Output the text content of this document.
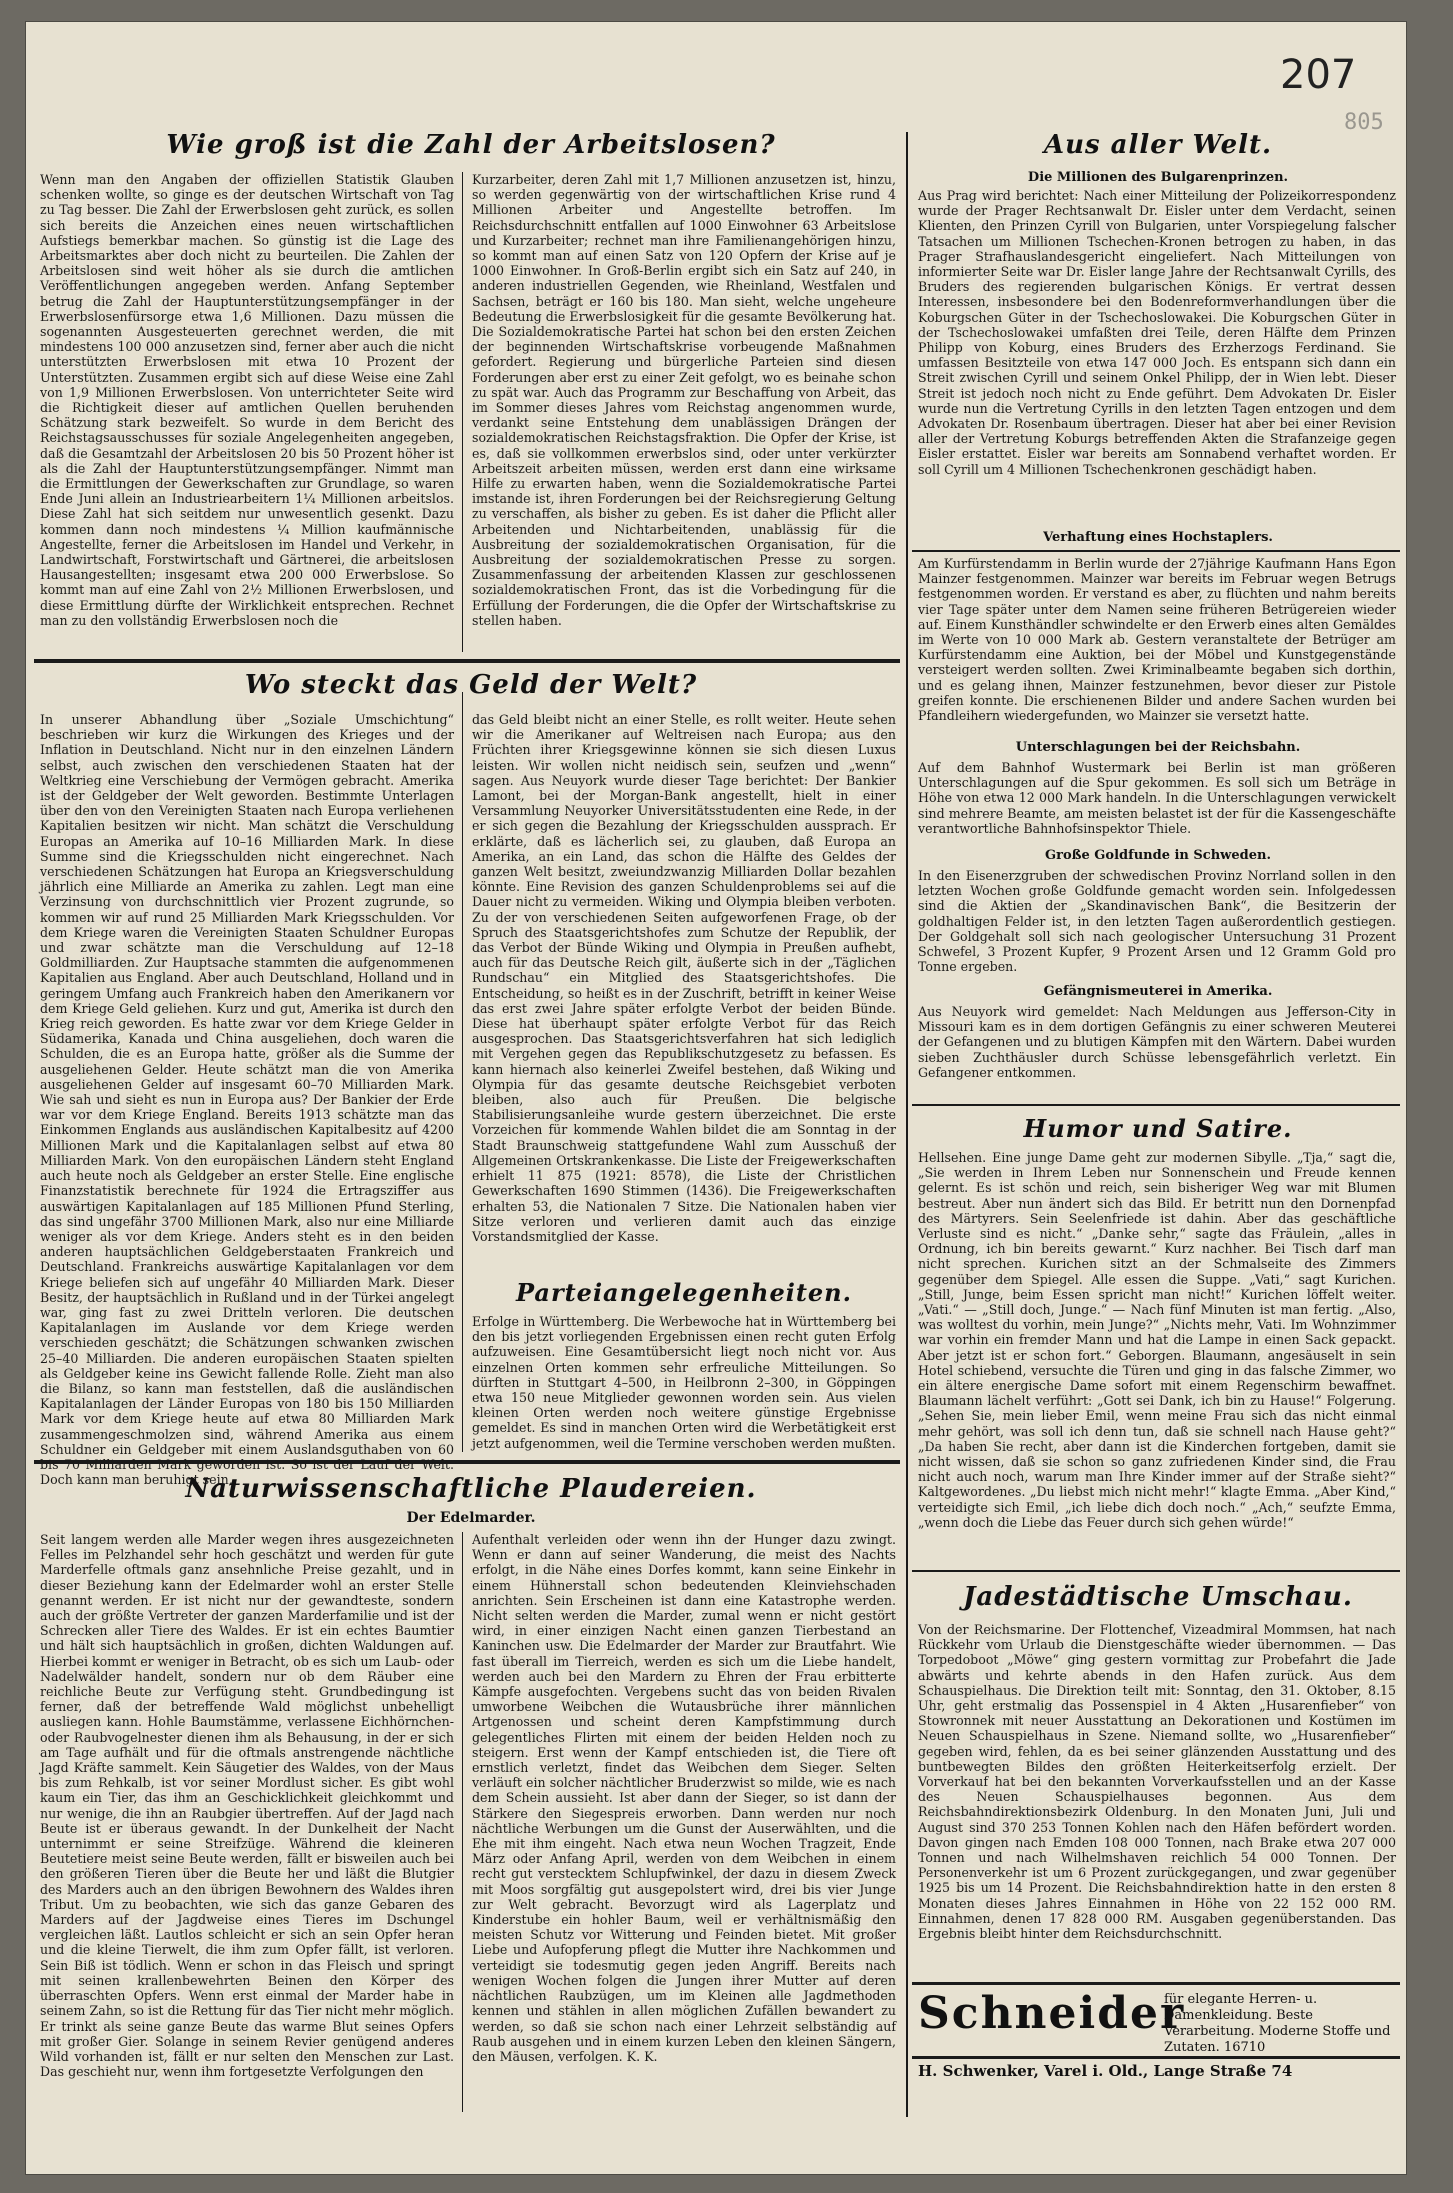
207
805
Wie groß ist die Zahl der Arbeitslosen?
Wenn man den Angaben der offiziellen Statistik Glauben schenken wollte, so ginge es der deutschen Wirtschaft von Tag zu Tag besser. Die Zahl der Erwerbslosen geht zurück, es sollen sich bereits die Anzeichen eines neuen wirtschaftlichen Aufstiegs bemerkbar machen. So günstig ist die Lage des Arbeitsmarktes aber doch nicht zu beurteilen. Die Zahlen der Arbeitslosen sind weit höher als sie durch die amtlichen Veröffentlichungen angegeben werden. Anfang September betrug die Zahl der Hauptunterstützungsempfänger in der Erwerbslosenfürsorge etwa 1,6 Millionen. Dazu müssen die sogenannten Ausgesteuerten gerechnet werden, die mit mindestens 100 000 anzusetzen sind, ferner aber auch die nicht unterstützten Erwerbslosen mit etwa 10 Prozent der Unterstützten. Zusammen ergibt sich auf diese Weise eine Zahl von 1,9 Millionen Erwerbslosen. Von unterrichteter Seite wird die Richtigkeit dieser auf amtlichen Quellen beruhenden Schätzung stark bezweifelt. So wurde in dem Bericht des Reichstagsausschusses für soziale Angelegenheiten angegeben, daß die Gesamtzahl der Arbeitslosen 20 bis 50 Prozent höher ist als die Zahl der Hauptunterstützungsempfänger. Nimmt man die Ermittlungen der Gewerkschaften zur Grundlage, so waren Ende Juni allein an Industriearbeitern 1¼ Millionen arbeitslos. Diese Zahl hat sich seitdem nur unwesentlich gesenkt. Dazu kommen dann noch mindestens ¼ Million kaufmännische Angestellte, ferner die Arbeitslosen im Handel und Verkehr, in Landwirtschaft, Forstwirtschaft und Gärtnerei, die arbeitslosen Hausangestellten; insgesamt etwa 200 000 Erwerbslose. So kommt man auf eine Zahl von 2½ Millionen Erwerbslosen, und diese Ermittlung dürfte der Wirklichkeit entsprechen. Rechnet man zu den vollständig Erwerbslosen noch die
Kurzarbeiter, deren Zahl mit 1,7 Millionen anzusetzen ist, hinzu, so werden gegenwärtig von der wirtschaftlichen Krise rund 4 Millionen Arbeiter und Angestellte betroffen. Im Reichsdurchschnitt entfallen auf 1000 Einwohner 63 Arbeitslose und Kurzarbeiter; rechnet man ihre Familienangehörigen hinzu, so kommt man auf einen Satz von 120 Opfern der Krise auf je 1000 Einwohner. In Groß-Berlin ergibt sich ein Satz auf 240, in anderen industriellen Gegenden, wie Rheinland, Westfalen und Sachsen, beträgt er 160 bis 180. Man sieht, welche ungeheure Bedeutung die Erwerbslosigkeit für die gesamte Bevölkerung hat. Die Sozialdemokratische Partei hat schon bei den ersten Zeichen der beginnenden Wirtschaftskrise vorbeugende Maßnahmen gefordert. Regierung und bürgerliche Parteien sind diesen Forderungen aber erst zu einer Zeit gefolgt, wo es beinahe schon zu spät war. Auch das Programm zur Beschaffung von Arbeit, das im Sommer dieses Jahres vom Reichstag angenommen wurde, verdankt seine Entstehung dem unablässigen Drängen der sozialdemokratischen Reichstagsfraktion. Die Opfer der Krise, ist es, daß sie vollkommen erwerbslos sind, oder unter verkürzter Arbeitszeit arbeiten müssen, werden erst dann eine wirksame Hilfe zu erwarten haben, wenn die Sozialdemokratische Partei imstande ist, ihren Forderungen bei der Reichsregierung Geltung zu verschaffen, als bisher zu geben. Es ist daher die Pflicht aller Arbeitenden und Nichtarbeitenden, unablässig für die Ausbreitung der sozialdemokratischen Organisation, für die Ausbreitung der sozialdemokratischen Presse zu sorgen. Zusammenfassung der arbeitenden Klassen zur geschlossenen sozialdemokratischen Front, das ist die Vorbedingung für die Erfüllung der Forderungen, die die Opfer der Wirtschaftskrise zu stellen haben.
Wo steckt das Geld der Welt?
In unserer Abhandlung über „Soziale Umschichtung“ beschrieben wir kurz die Wirkungen des Krieges und der Inflation in Deutschland. Nicht nur in den einzelnen Ländern selbst, auch zwischen den verschiedenen Staaten hat der Weltkrieg eine Verschiebung der Vermögen gebracht. Amerika ist der Geldgeber der Welt geworden. Bestimmte Unterlagen über den von den Vereinigten Staaten nach Europa verliehenen Kapitalien besitzen wir nicht. Man schätzt die Verschuldung Europas an Amerika auf 10–16 Milliarden Mark. In diese Summe sind die Kriegsschulden nicht eingerechnet. Nach verschiedenen Schätzungen hat Europa an Kriegsverschuldung jährlich eine Milliarde an Amerika zu zahlen. Legt man eine Verzinsung von durchschnittlich vier Prozent zugrunde, so kommen wir auf rund 25 Milliarden Mark Kriegsschulden. Vor dem Kriege waren die Vereinigten Staaten Schuldner Europas und zwar schätzte man die Verschuldung auf 12–18 Goldmilliarden. Zur Hauptsache stammten die aufgenommenen Kapitalien aus England. Aber auch Deutschland, Holland und in geringem Umfang auch Frankreich haben den Amerikanern vor dem Kriege Geld geliehen. Kurz und gut, Amerika ist durch den Krieg reich geworden. Es hatte zwar vor dem Kriege Gelder in Südamerika, Kanada und China ausgeliehen, doch waren die Schulden, die es an Europa hatte, größer als die Summe der ausgeliehenen Gelder. Heute schätzt man die von Amerika ausgeliehenen Gelder auf insgesamt 60–70 Milliarden Mark. Wie sah und sieht es nun in Europa aus? Der Bankier der Erde war vor dem Kriege England. Bereits 1913 schätzte man das Einkommen Englands aus ausländischen Kapitalbesitz auf 4200 Millionen Mark und die Kapitalanlagen selbst auf etwa 80 Milliarden Mark. Von den europäischen Ländern steht England auch heute noch als Geldgeber an erster Stelle. Eine englische Finanzstatistik berechnete für 1924 die Ertragsziffer aus auswärtigen Kapitalanlagen auf 185 Millionen Pfund Sterling, das sind ungefähr 3700 Millionen Mark, also nur eine Milliarde weniger als vor dem Kriege. Anders steht es in den beiden anderen hauptsächlichen Geldgeberstaaten Frankreich und Deutschland. Frankreichs auswärtige Kapitalanlagen vor dem Kriege beliefen sich auf ungefähr 40 Milliarden Mark. Dieser Besitz, der hauptsächlich in Rußland und in der Türkei angelegt war, ging fast zu zwei Dritteln verloren. Die deutschen Kapitalanlagen im Auslande vor dem Kriege werden verschieden geschätzt; die Schätzungen schwanken zwischen 25–40 Milliarden. Die anderen europäischen Staaten spielten als Geldgeber keine ins Gewicht fallende Rolle. Zieht man also die Bilanz, so kann man feststellen, daß die ausländischen Kapitalanlagen der Länder Europas von 180 bis 150 Milliarden Mark vor dem Kriege heute auf etwa 80 Milliarden Mark zusammengeschmolzen sind, während Amerika aus einem Schuldner ein Geldgeber mit einem Auslandsguthaben von 60 bis 70 Milliarden Mark geworden ist. So ist der Lauf der Welt. Doch kann man beruhigt sein,
das Geld bleibt nicht an einer Stelle, es rollt weiter. Heute sehen wir die Amerikaner auf Weltreisen nach Europa; aus den Früchten ihrer Kriegsgewinne können sie sich diesen Luxus leisten. Wir wollen nicht neidisch sein, seufzen und „wenn“ sagen. Aus Neuyork wurde dieser Tage berichtet: Der Bankier Lamont, bei der Morgan-Bank angestellt, hielt in einer Versammlung Neuyorker Universitätsstudenten eine Rede, in der er sich gegen die Bezahlung der Kriegsschulden aussprach. Er erklärte, daß es lächerlich sei, zu glauben, daß Europa an Amerika, an ein Land, das schon die Hälfte des Geldes der ganzen Welt besitzt, zweiundzwanzig Milliarden Dollar bezahlen könnte. Eine Revision des ganzen Schuldenproblems sei auf die Dauer nicht zu vermeiden. Wiking und Olympia bleiben verboten. Zu der von verschiedenen Seiten aufgeworfenen Frage, ob der Spruch des Staatsgerichtshofes zum Schutze der Republik, der das Verbot der Bünde Wiking und Olympia in Preußen aufhebt, auch für das Deutsche Reich gilt, äußerte sich in der „Täglichen Rundschau“ ein Mitglied des Staatsgerichtshofes. Die Entscheidung, so heißt es in der Zuschrift, betrifft in keiner Weise das erst zwei Jahre später erfolgte Verbot der beiden Bünde. Diese hat überhaupt später erfolgte Verbot für das Reich ausgesprochen. Das Staatsgerichtsverfahren hat sich lediglich mit Vergehen gegen das Republikschutzgesetz zu befassen. Es kann hiernach also keinerlei Zweifel bestehen, daß Wiking und Olympia für das gesamte deutsche Reichsgebiet verboten bleiben, also auch für Preußen. Die belgische Stabilisierungsanleihe wurde gestern überzeichnet. Die erste Vorzeichen für kommende Wahlen bildet die am Sonntag in der Stadt Braunschweig stattgefundene Wahl zum Ausschuß der Allgemeinen Ortskrankenkasse. Die Liste der Freigewerkschaften erhielt 11 875 (1921: 8578), die Liste der Christlichen Gewerkschaften 1690 Stimmen (1436). Die Freigewerkschaften erhalten 53, die Nationalen 7 Sitze. Die Nationalen haben vier Sitze verloren und verlieren damit auch das einzige Vorstandsmitglied der Kasse.
Parteiangelegenheiten.
Erfolge in Württemberg. Die Werbewoche hat in Württemberg bei den bis jetzt vorliegenden Ergebnissen einen recht guten Erfolg aufzuweisen. Eine Gesamtübersicht liegt noch nicht vor. Aus einzelnen Orten kommen sehr erfreuliche Mitteilungen. So dürften in Stuttgart 4–500, in Heilbronn 2–300, in Göppingen etwa 150 neue Mitglieder gewonnen worden sein. Aus vielen kleinen Orten werden noch weitere günstige Ergebnisse gemeldet. Es sind in manchen Orten wird die Werbetätigkeit erst jetzt aufgenommen, weil die Termine verschoben werden mußten.
Naturwissenschaftliche Plaudereien.
Der Edelmarder.
Seit langem werden alle Marder wegen ihres ausgezeichneten Felles im Pelzhandel sehr hoch geschätzt und werden für gute Marderfelle oftmals ganz ansehnliche Preise gezahlt, und in dieser Beziehung kann der Edelmarder wohl an erster Stelle genannt werden. Er ist nicht nur der gewandteste, sondern auch der größte Vertreter der ganzen Marderfamilie und ist der Schrecken aller Tiere des Waldes. Er ist ein echtes Baumtier und hält sich hauptsächlich in großen, dichten Waldungen auf. Hierbei kommt er weniger in Betracht, ob es sich um Laub- oder Nadelwälder handelt, sondern nur ob dem Räuber eine reichliche Beute zur Verfügung steht. Grundbedingung ist ferner, daß der betreffende Wald möglichst unbehelligt ausliegen kann. Hohle Baumstämme, verlassene Eichhörnchen- oder Raubvogelnester dienen ihm als Behausung, in der er sich am Tage aufhält und für die oftmals anstrengende nächtliche Jagd Kräfte sammelt. Kein Säugetier des Waldes, von der Maus bis zum Rehkalb, ist vor seiner Mordlust sicher. Es gibt wohl kaum ein Tier, das ihm an Geschicklichkeit gleichkommt und nur wenige, die ihn an Raubgier übertreffen. Auf der Jagd nach Beute ist er überaus gewandt. In der Dunkelheit der Nacht unternimmt er seine Streifzüge. Während die kleineren Beutetiere meist seine Beute werden, fällt er bisweilen auch bei den größeren Tieren über die Beute her und läßt die Blutgier des Marders auch an den übrigen Bewohnern des Waldes ihren Tribut. Um zu beobachten, wie sich das ganze Gebaren des Marders auf der Jagdweise eines Tieres im Dschungel vergleichen läßt. Lautlos schleicht er sich an sein Opfer heran und die kleine Tierwelt, die ihm zum Opfer fällt, ist verloren. Sein Biß ist tödlich. Wenn er schon in das Fleisch und springt mit seinen krallenbewehrten Beinen den Körper des überraschten Opfers. Wenn erst einmal der Marder habe in seinem Zahn, so ist die Rettung für das Tier nicht mehr möglich. Er trinkt als seine ganze Beute das warme Blut seines Opfers mit großer Gier. Solange in seinem Revier genügend anderes Wild vorhanden ist, fällt er nur selten den Menschen zur Last. Das geschieht nur, wenn ihm fortgesetzte Verfolgungen den
Aufenthalt verleiden oder wenn ihn der Hunger dazu zwingt. Wenn er dann auf seiner Wanderung, die meist des Nachts erfolgt, in die Nähe eines Dorfes kommt, kann seine Einkehr in einem Hühnerstall schon bedeutenden Kleinviehschaden anrichten. Sein Erscheinen ist dann eine Katastrophe werden. Nicht selten werden die Marder, zumal wenn er nicht gestört wird, in einer einzigen Nacht einen ganzen Tierbestand an Kaninchen usw. Die Edelmarder der Marder zur Brautfahrt. Wie fast überall im Tierreich, werden es sich um die Liebe handelt, werden auch bei den Mardern zu Ehren der Frau erbitterte Kämpfe ausgefochten. Vergebens sucht das von beiden Rivalen umworbene Weibchen die Wutausbrüche ihrer männlichen Artgenossen und scheint deren Kampfstimmung durch gelegentliches Flirten mit einem der beiden Helden noch zu steigern. Erst wenn der Kampf entschieden ist, die Tiere oft ernstlich verletzt, findet das Weibchen dem Sieger. Selten verläuft ein solcher nächtlicher Bruderzwist so milde, wie es nach dem Schein aussieht. Ist aber dann der Sieger, so ist dann der Stärkere den Siegespreis erworben. Dann werden nur noch nächtliche Werbungen um die Gunst der Auserwählten, und die Ehe mit ihm eingeht. Nach etwa neun Wochen Tragzeit, Ende März oder Anfang April, werden von dem Weibchen in einem recht gut verstecktem Schlupfwinkel, der dazu in diesem Zweck mit Moos sorgfältig gut ausgepolstert wird, drei bis vier Junge zur Welt gebracht. Bevorzugt wird als Lagerplatz und Kinderstube ein hohler Baum, weil er verhältnismäßig den meisten Schutz vor Witterung und Feinden bietet. Mit großer Liebe und Aufopferung pflegt die Mutter ihre Nachkommen und verteidigt sie todesmutig gegen jeden Angriff. Bereits nach wenigen Wochen folgen die Jungen ihrer Mutter auf deren nächtlichen Raubzügen, um im Kleinen alle Jagdmethoden kennen und stählen in allen möglichen Zufällen bewandert zu werden, so daß sie schon nach einer Lehrzeit selbständig auf Raub ausgehen und in einem kurzen Leben den kleinen Sängern, den Mäusen, verfolgen. K. K.
Aus aller Welt.
Die Millionen des Bulgarenprinzen.
Aus Prag wird berichtet: Nach einer Mitteilung der Polizeikorrespondenz wurde der Prager Rechtsanwalt Dr. Eisler unter dem Verdacht, seinen Klienten, den Prinzen Cyrill von Bulgarien, unter Vorspiegelung falscher Tatsachen um Millionen Tschechen-Kronen betrogen zu haben, in das Prager Strafhauslandesgericht eingeliefert. Nach Mitteilungen von informierter Seite war Dr. Eisler lange Jahre der Rechtsanwalt Cyrills, des Bruders des regierenden bulgarischen Königs. Er vertrat dessen Interessen, insbesondere bei den Bodenreformverhandlungen über die Koburgschen Güter in der Tschechoslowakei. Die Koburgschen Güter in der Tschechoslowakei umfaßten drei Teile, deren Hälfte dem Prinzen Philipp von Koburg, eines Bruders des Erzherzogs Ferdinand. Sie umfassen Besitzteile von etwa 147 000 Joch. Es entspann sich dann ein Streit zwischen Cyrill und seinem Onkel Philipp, der in Wien lebt. Dieser Streit ist jedoch noch nicht zu Ende geführt. Dem Advokaten Dr. Eisler wurde nun die Vertretung Cyrills in den letzten Tagen entzogen und dem Advokaten Dr. Rosenbaum übertragen. Dieser hat aber bei einer Revision aller der Vertretung Koburgs betreffenden Akten die Strafanzeige gegen Eisler erstattet. Eisler war bereits am Sonnabend verhaftet worden. Er soll Cyrill um 4 Millionen Tschechenkronen geschädigt haben.
Verhaftung eines Hochstaplers.
Am Kurfürstendamm in Berlin wurde der 27jährige Kaufmann Hans Egon Mainzer festgenommen. Mainzer war bereits im Februar wegen Betrugs festgenommen worden. Er verstand es aber, zu flüchten und nahm bereits vier Tage später unter dem Namen seine früheren Betrügereien wieder auf. Einem Kunsthändler schwindelte er den Erwerb eines alten Gemäldes im Werte von 10 000 Mark ab. Gestern veranstaltete der Betrüger am Kurfürstendamm eine Auktion, bei der Möbel und Kunstgegenstände versteigert werden sollten. Zwei Kriminalbeamte begaben sich dorthin, und es gelang ihnen, Mainzer festzunehmen, bevor dieser zur Pistole greifen konnte. Die erschienenen Bilder und andere Sachen wurden bei Pfandleihern wiedergefunden, wo Mainzer sie versetzt hatte.
Unterschlagungen bei der Reichsbahn.
Auf dem Bahnhof Wustermark bei Berlin ist man größeren Unterschlagungen auf die Spur gekommen. Es soll sich um Beträge in Höhe von etwa 12 000 Mark handeln. In die Unterschlagungen verwickelt sind mehrere Beamte, am meisten belastet ist der für die Kassengeschäfte verantwortliche Bahnhofsinspektor Thiele.
Große Goldfunde in Schweden.
In den Eisenerzgruben der schwedischen Provinz Norrland sollen in den letzten Wochen große Goldfunde gemacht worden sein. Infolgedessen sind die Aktien der „Skandinavischen Bank“, die Besitzerin der goldhaltigen Felder ist, in den letzten Tagen außerordentlich gestiegen. Der Goldgehalt soll sich nach geologischer Untersuchung 31 Prozent Schwefel, 3 Prozent Kupfer, 9 Prozent Arsen und 12 Gramm Gold pro Tonne ergeben.
Gefängnismeuterei in Amerika.
Aus Neuyork wird gemeldet: Nach Meldungen aus Jefferson-City in Missouri kam es in dem dortigen Gefängnis zu einer schweren Meuterei der Gefangenen und zu blutigen Kämpfen mit den Wärtern. Dabei wurden sieben Zuchthäusler durch Schüsse lebensgefährlich verletzt. Ein Gefangener entkommen.
Humor und Satire.
Hellsehen. Eine junge Dame geht zur modernen Sibylle. „Tja,“ sagt die, „Sie werden in Ihrem Leben nur Sonnenschein und Freude kennen gelernt. Es ist schön und reich, sein bisheriger Weg war mit Blumen bestreut. Aber nun ändert sich das Bild. Er betritt nun den Dornenpfad des Märtyrers. Sein Seelenfriede ist dahin. Aber das geschäftliche Verluste sind es nicht.“ „Danke sehr,“ sagte das Fräulein, „alles in Ordnung, ich bin bereits gewarnt.“ Kurz nachher. Bei Tisch darf man nicht sprechen. Kurichen sitzt an der Schmalseite des Zimmers gegenüber dem Spiegel. Alle essen die Suppe. „Vati,“ sagt Kurichen. „Still, Junge, beim Essen spricht man nicht!“ Kurichen löffelt weiter. „Vati.“ — „Still doch, Junge.“ — Nach fünf Minuten ist man fertig. „Also, was wolltest du vorhin, mein Junge?“ „Nichts mehr, Vati. Im Wohnzimmer war vorhin ein fremder Mann und hat die Lampe in einen Sack gepackt. Aber jetzt ist er schon fort.“ Geborgen. Blaumann, angesäuselt in sein Hotel schiebend, versuchte die Türen und ging in das falsche Zimmer, wo ein ältere energische Dame sofort mit einem Regenschirm bewaffnet. Blaumann lächelt verführt: „Gott sei Dank, ich bin zu Hause!“ Folgerung. „Sehen Sie, mein lieber Emil, wenn meine Frau sich das nicht einmal mehr gehört, was soll ich denn tun, daß sie schnell nach Hause geht?“ „Da haben Sie recht, aber dann ist die Kinderchen fortgeben, damit sie nicht wissen, daß sie schon so ganz zufriedenen Kinder sind, die Frau nicht auch noch, warum man Ihre Kinder immer auf der Straße sieht?“ Kaltgewordenes. „Du liebst mich nicht mehr!“ klagte Emma. „Aber Kind,“ verteidigte sich Emil, „ich liebe dich doch noch.“ „Ach,“ seufzte Emma, „wenn doch die Liebe das Feuer durch sich gehen würde!“
Jadestädtische Umschau.
Von der Reichsmarine. Der Flottenchef, Vizeadmiral Mommsen, hat nach Rückkehr vom Urlaub die Dienstgeschäfte wieder übernommen. — Das Torpedoboot „Möwe“ ging gestern vormittag zur Probefahrt die Jade abwärts und kehrte abends in den Hafen zurück. Aus dem Schauspielhaus. Die Direktion teilt mit: Sonntag, den 31. Oktober, 8.15 Uhr, geht erstmalig das Possenspiel in 4 Akten „Husarenfieber“ von Stowronnek mit neuer Ausstattung an Dekorationen und Kostümen im Neuen Schauspielhaus in Szene. Niemand sollte, wo „Husarenfieber“ gegeben wird, fehlen, da es bei seiner glänzenden Ausstattung und des buntbewegten Bildes den größten Heiterkeitserfolg erzielt. Der Vorverkauf hat bei den bekannten Vorverkaufsstellen und an der Kasse des Neuen Schauspielhauses begonnen. Aus dem Reichsbahndirektionsbezirk Oldenburg. In den Monaten Juni, Juli und August sind 370 253 Tonnen Kohlen nach den Häfen befördert worden. Davon gingen nach Emden 108 000 Tonnen, nach Brake etwa 207 000 Tonnen und nach Wilhelmshaven reichlich 54 000 Tonnen. Der Personenverkehr ist um 6 Prozent zurückgegangen, und zwar gegenüber 1925 bis um 14 Prozent. Die Reichsbahndirektion hatte in den ersten 8 Monaten dieses Jahres Einnahmen in Höhe von 22 152 000 RM. Einnahmen, denen 17 828 000 RM. Ausgaben gegenüberstanden. Das Ergebnis bleibt hinter dem Reichsdurchschnitt.
Schneider
für elegante Herren- u. Damenkleidung. Beste Verarbeitung. Moderne Stoffe und Zutaten. 16710
H. Schwenker, Varel i. Old., Lange Straße 74
